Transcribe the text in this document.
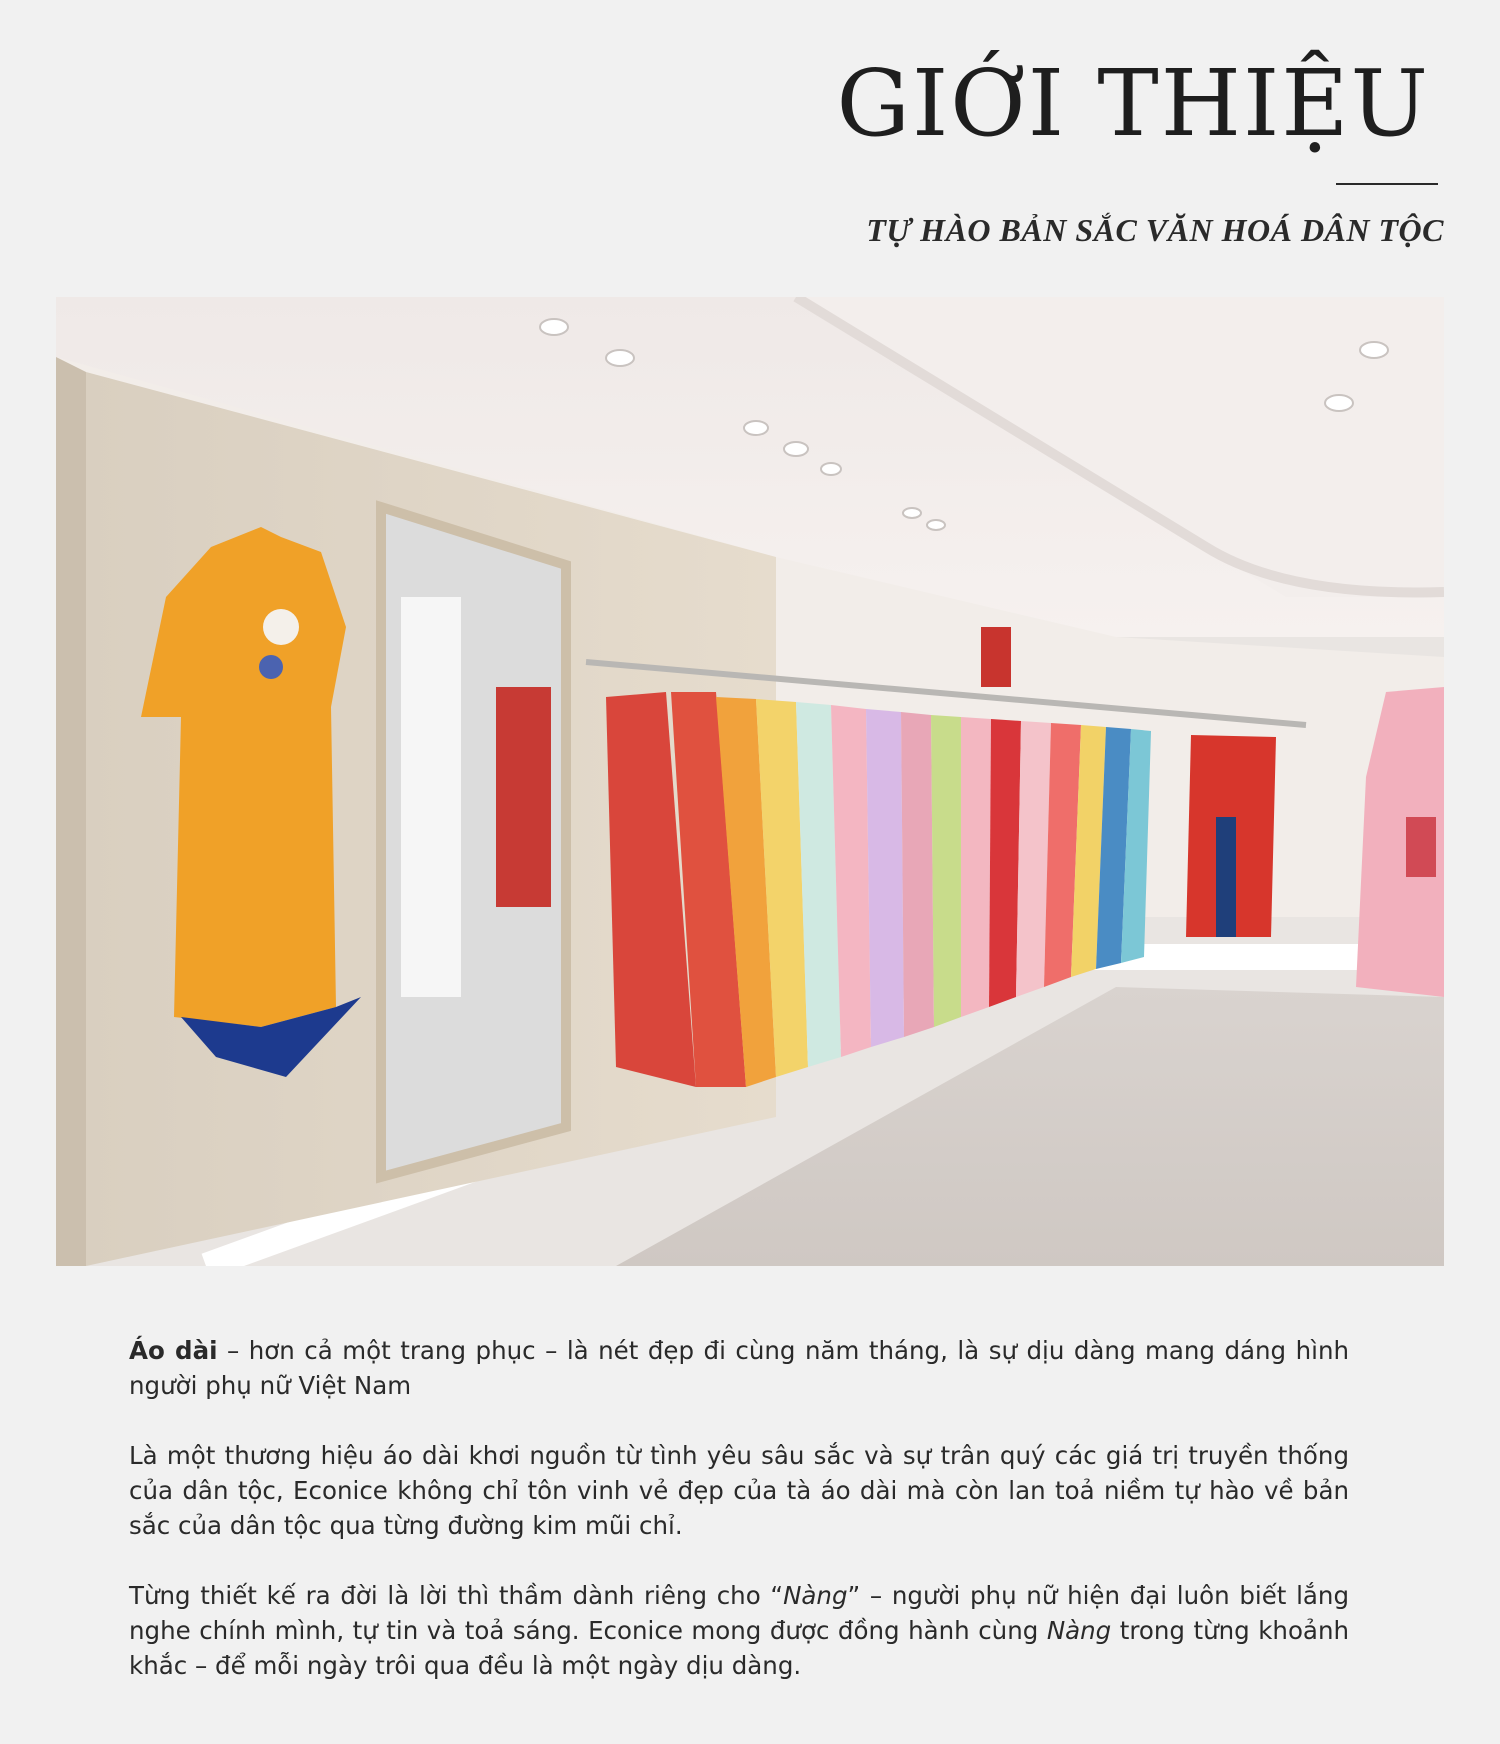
GIỚI THIỆU
TỰ HÀO BẢN SẮC VĂN HOÁ DÂN TỘC

Áo dài – hơn cả một trang phục – là nét đẹp đi cùng năm tháng, là sự dịu dàng mang dáng hình người phụ nữ Việt Nam

Là một thương hiệu áo dài khơi nguồn từ tình yêu sâu sắc và sự trân quý các giá trị truyền thống của dân tộc, Econice không chỉ tôn vinh vẻ đẹp của tà áo dài mà còn lan toả niềm tự hào về bản sắc của dân tộc qua từng đường kim mũi chỉ.

Từng thiết kế ra đời là lời thì thầm dành riêng cho “Nàng” – người phụ nữ hiện đại luôn biết lắng nghe chính mình, tự tin và toả sáng. Econice mong được đồng hành cùng Nàng trong từng khoảnh khắc – để mỗi ngày trôi qua đều là một ngày dịu dàng.
